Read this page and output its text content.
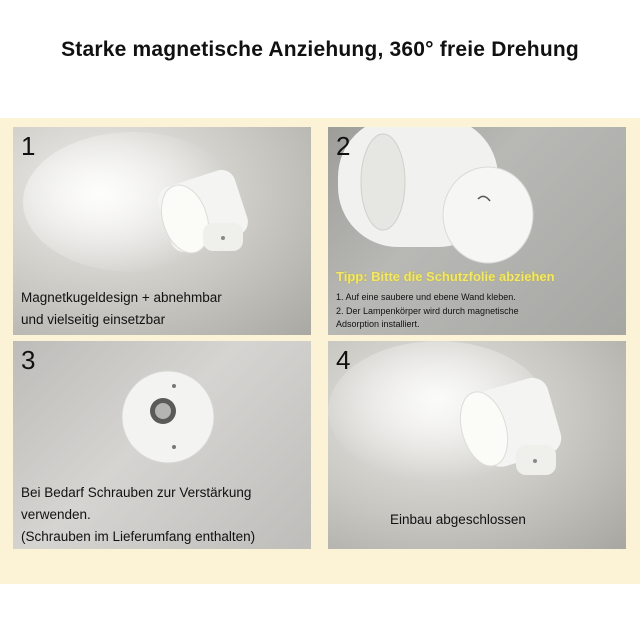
Starke magnetische Anziehung, 360° freie Drehung
1
Magnetkugeldesign + abnehmbar
und vielseitig einsetzbar
2
Tipp: Bitte die Schutzfolie abziehen
1. Auf eine saubere und ebene Wand kleben.
2. Der Lampenkörper wird durch magnetische
Adsorption installiert.
3
Bei Bedarf Schrauben zur Verstärkung
verwenden.
(Schrauben im Lieferumfang enthalten)
4
Einbau abgeschlossen
